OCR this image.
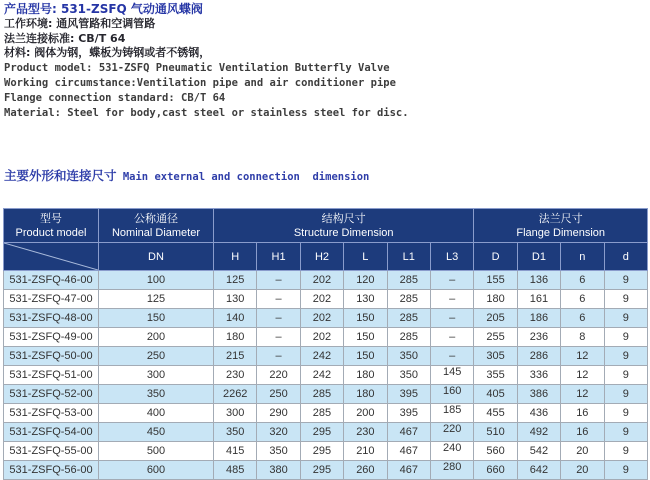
产品型号: 531-ZSFQ 气动通风蝶阀
工作环境: 通风管路和空调管路
法兰连接标准: CB/T 64
材料: 阀体为钢，蝶板为铸钢或者不锈钢，
Product model: 531-ZSFQ Pneumatic Ventilation Butterfly Valve
Working circumstance:Ventilation pipe and air conditioner pipe
Flange connection standard: CB/T 64
Material: Steel for body,cast steel or stainless steel for disc.
主要外形和连接尺寸 Main external and connection  dimension
型号
Product model

公称通径
Nominal Diameter

结构尺寸
Structure Dimension

法兰尺寸
Flange Dimension

	DN	H	H1	H2	L	L1	L3	D	D1	n	d
531-ZSFQ-46-00	100	125	–	202	120	285	–	155	136	6	9
531-ZSFQ-47-00	125	130	–	202	130	285	–	180	161	6	9
531-ZSFQ-48-00	150	140	–	202	150	285	–	205	186	6	9
531-ZSFQ-49-00	200	180	–	202	150	285	–	255	236	8	9
531-ZSFQ-50-00	250	215	–	242	150	350	–	305	286	12	9
531-ZSFQ-51-00	300	230	220	242	180	350	145	355	336	12	9
531-ZSFQ-52-00	350	2262	250	285	180	395	160	405	386	12	9
531-ZSFQ-53-00	400	300	290	285	200	395	185	455	436	16	9
531-ZSFQ-54-00	450	350	320	295	230	467	220	510	492	16	9
531-ZSFQ-55-00	500	415	350	295	210	467	240	560	542	20	9
531-ZSFQ-56-00	600	485	380	295	260	467	280	660	642	20	9
